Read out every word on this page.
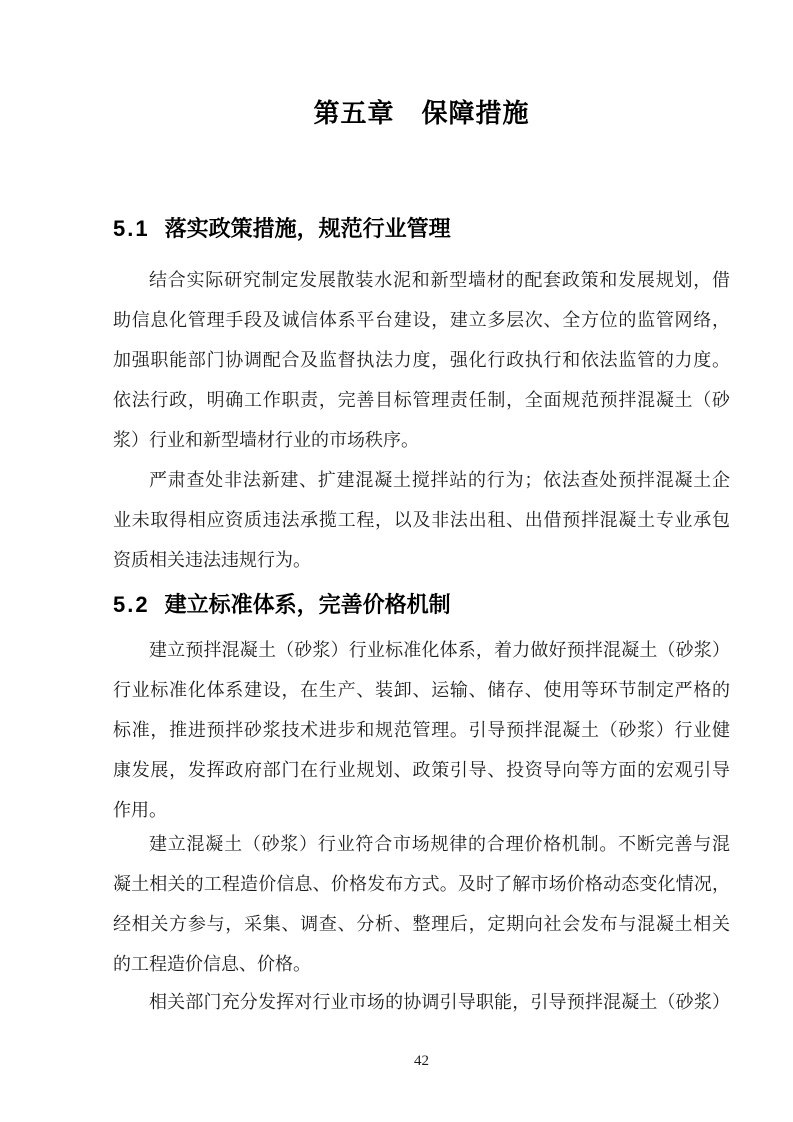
第五章　保障措施
5.1 落实政策措施，规范行业管理
结合实际研究制定发展散装水泥和新型墙材的配套政策和发展规划，借
助信息化管理手段及诚信体系平台建设，建立多层次、全方位的监管网络，
加强职能部门协调配合及监督执法力度，强化行政执行和依法监管的力度。
依法行政，明确工作职责，完善目标管理责任制，全面规范预拌混凝土（砂
浆）行业和新型墙材行业的市场秩序。
严肃查处非法新建、扩建混凝土搅拌站的行为；依法查处预拌混凝土企
业未取得相应资质违法承揽工程，以及非法出租、出借预拌混凝土专业承包
资质相关违法违规行为。
5.2 建立标准体系，完善价格机制
建立预拌混凝土（砂浆）行业标准化体系，着力做好预拌混凝土（砂浆）
行业标准化体系建设，在生产、装卸、运输、储存、使用等环节制定严格的
标准，推进预拌砂浆技术进步和规范管理。引导预拌混凝土（砂浆）行业健
康发展，发挥政府部门在行业规划、政策引导、投资导向等方面的宏观引导
作用。
建立混凝土（砂浆）行业符合市场规律的合理价格机制。不断完善与混
凝土相关的工程造价信息、价格发布方式。及时了解市场价格动态变化情况，
经相关方参与，采集、调查、分析、整理后，定期向社会发布与混凝土相关
的工程造价信息、价格。
相关部门充分发挥对行业市场的协调引导职能，引导预拌混凝土（砂浆）
42
